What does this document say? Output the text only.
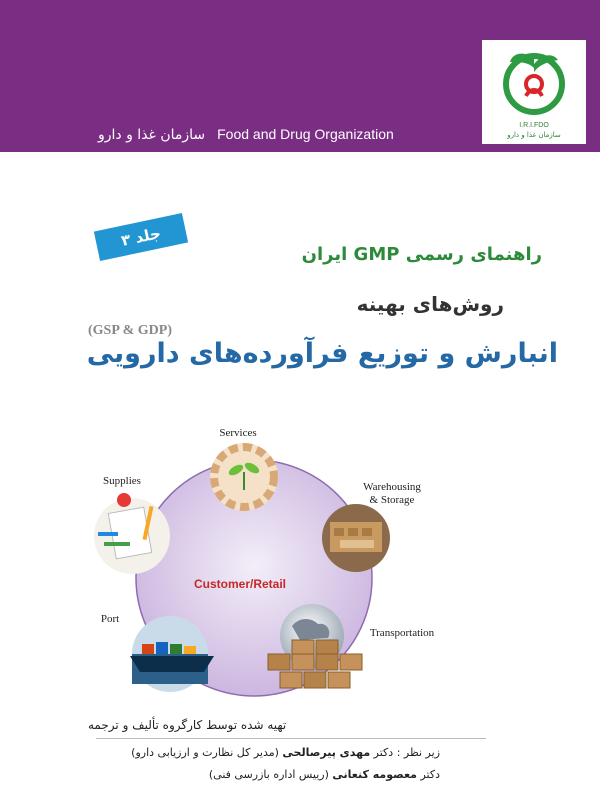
سازمان غذا و دارو Food and Drug Organization
I.R.I.FDO
سازمان غذا و دارو
جلد ۳
راهنمای رسمی GMP ایران
روش‌های بهینه
(GSP & GDP)
انبارش و توزیع فرآورده‌های دارویی
Customer/Retail
Services
Warehousing
& Storage
Supplies
Port
Transportation
تهیه شده توسط کارگروه تألیف و ترجمه
زیر نظر : دکتر مهدی پیرصالحی (مدیر کل نظارت و ارزیابی دارو)
دکتر معصومه کنعانی (رییس اداره بازرسی فنی)
